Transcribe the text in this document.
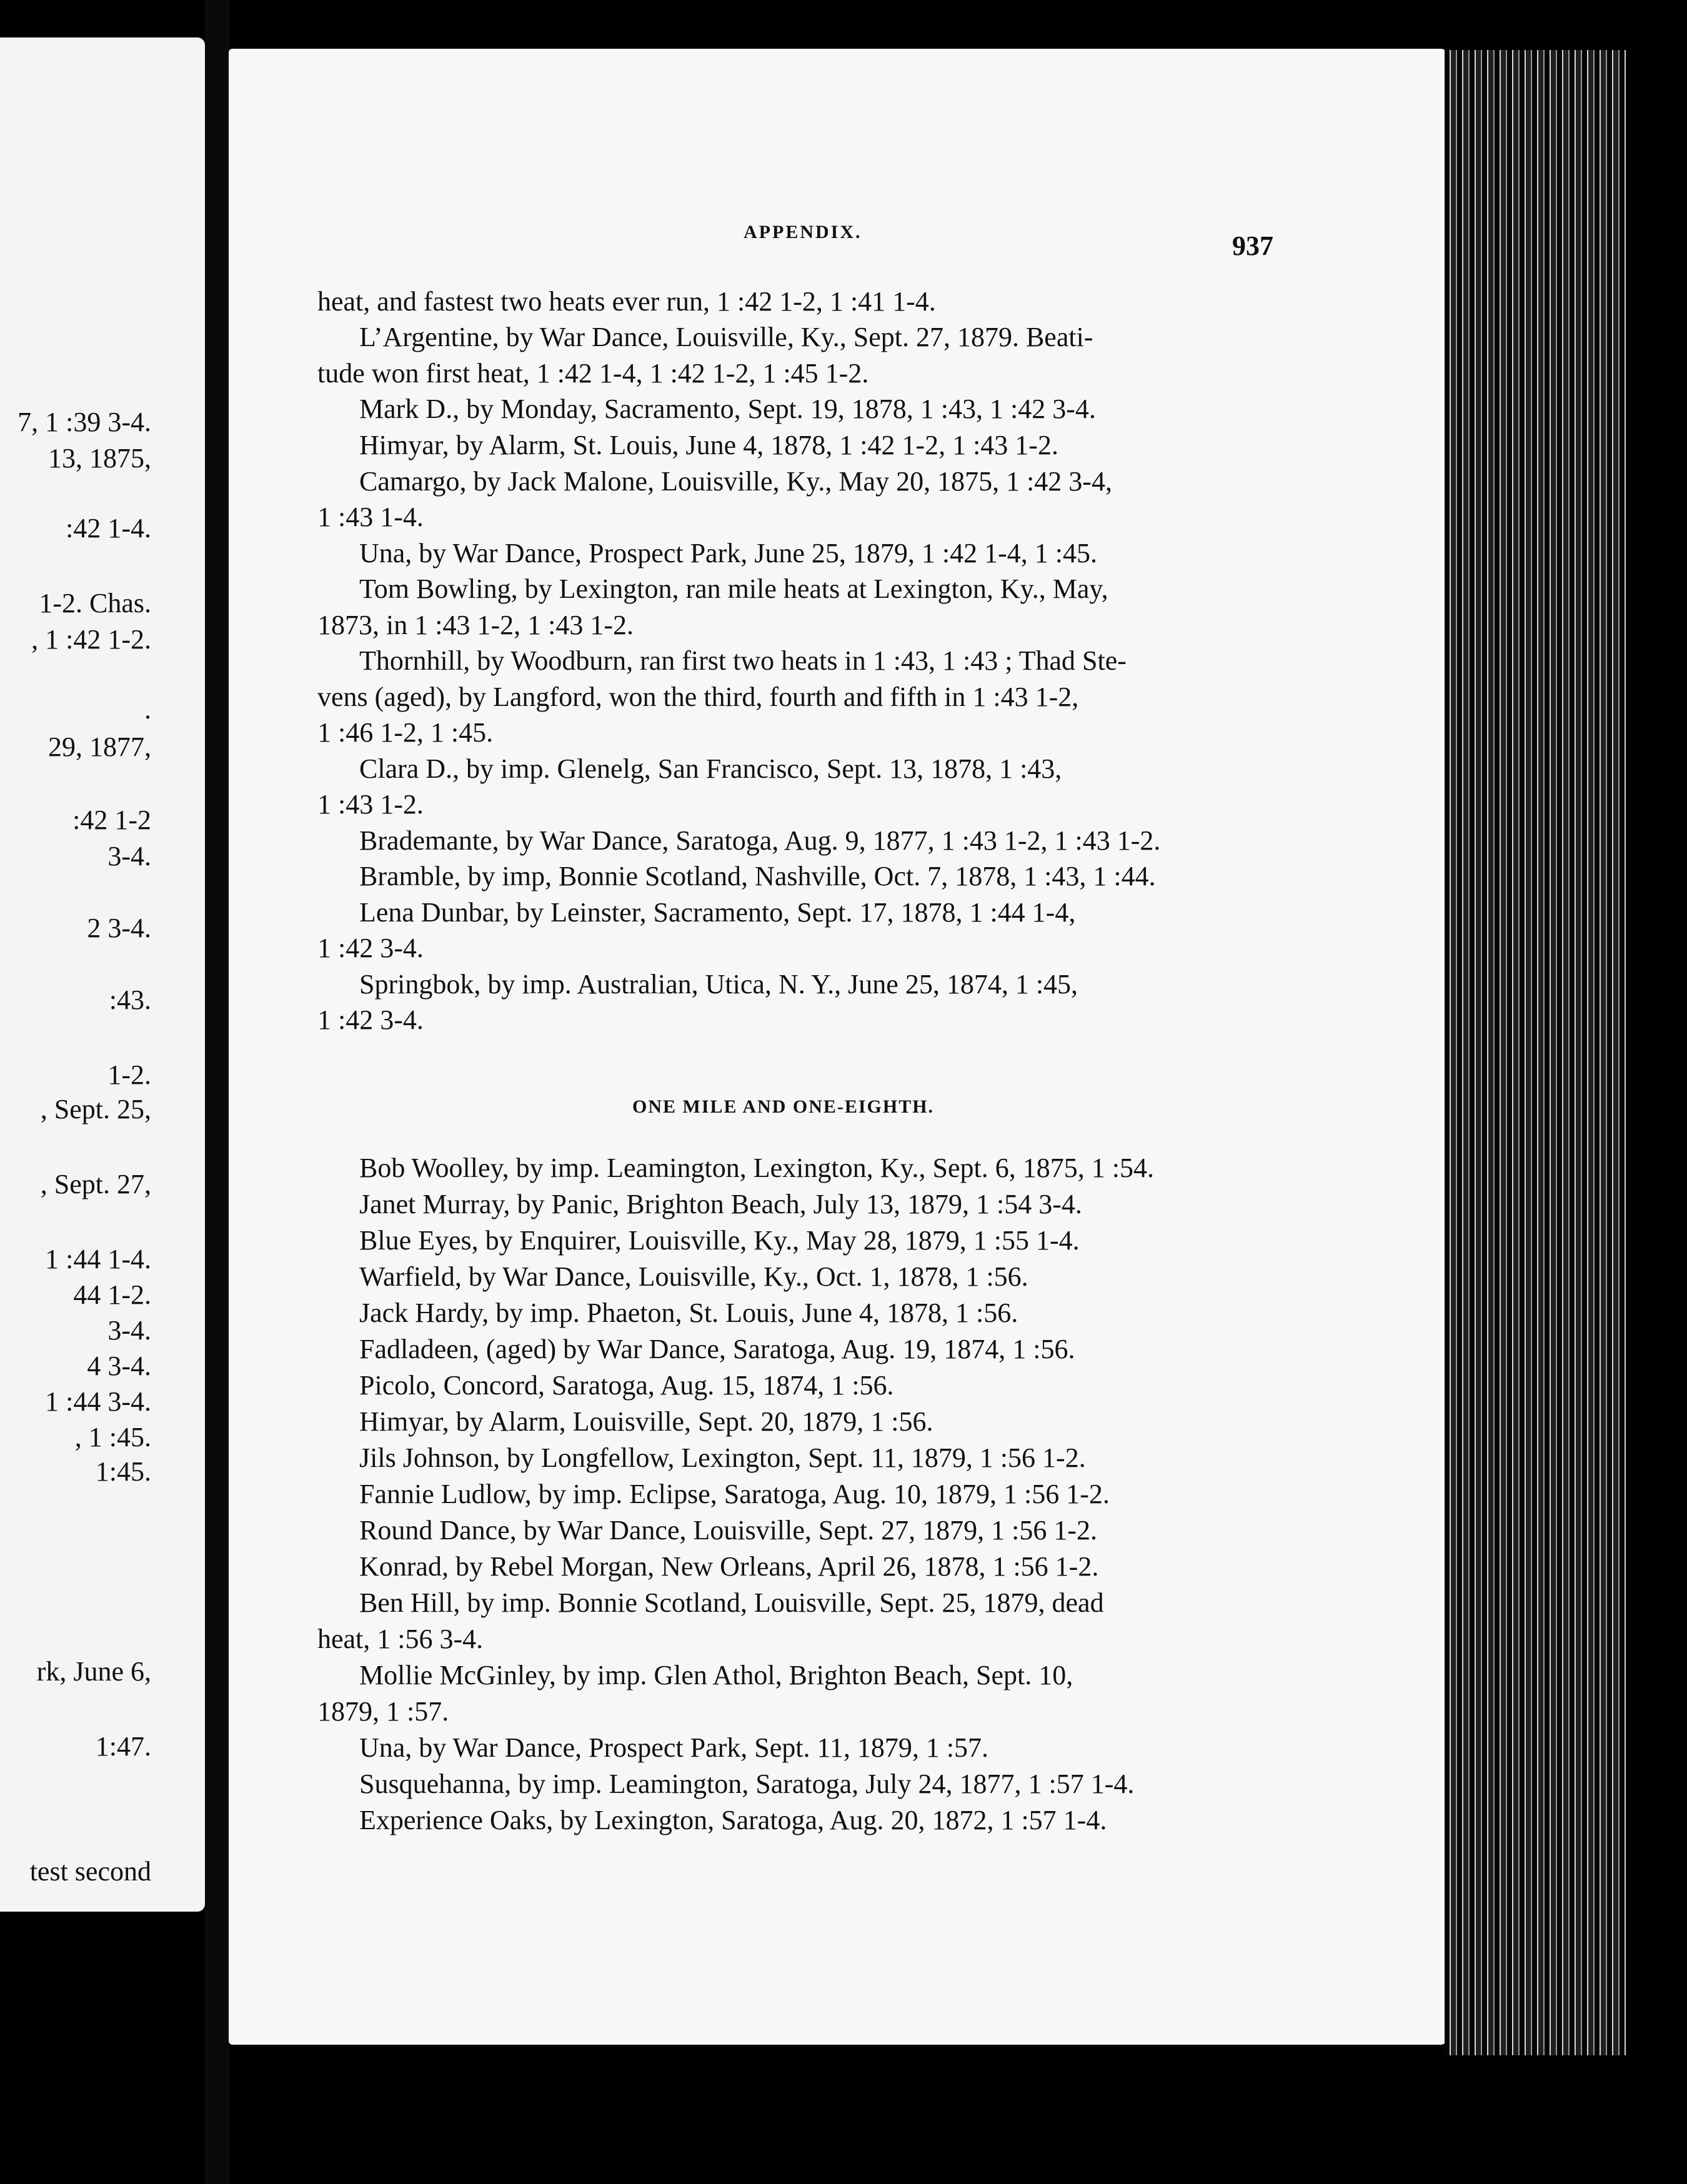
APPENDIX.	937
7, 1 :39 3-4.
13, 1875,
:42 1-4.
1-2. Chas.
, 1 :42 1-2.
.
29, 1877,
:42 1-2
3-4.
2 3-4.
:43.
1-2.
, Sept. 25,
, Sept. 27,
1 :44 1-4.
44 1-2.
3-4.
4 3-4.
1 :44 3-4.
, 1 :45.
1:45.
rk, June 6,
1:47.
test second
heat, and fastest two heats ever run, 1 :42 1-2, 1 :41 1-4.
L’Argentine, by War Dance, Louisville, Ky., Sept. 27, 1879. Beati-
tude won first heat, 1 :42 1-4, 1 :42 1-2, 1 :45 1-2.
Mark D., by Monday, Sacramento, Sept. 19, 1878, 1 :43, 1 :42 3-4.
Himyar, by Alarm, St. Louis, June 4, 1878, 1 :42 1-2, 1 :43 1-2.
Camargo, by Jack Malone, Louisville, Ky., May 20, 1875, 1 :42 3-4,
1 :43 1-4.
Una, by War Dance, Prospect Park, June 25, 1879, 1 :42 1-4, 1 :45.
Tom Bowling, by Lexington, ran mile heats at Lexington, Ky., May,
1873, in 1 :43 1-2, 1 :43 1-2.
Thornhill, by Woodburn, ran first two heats in 1 :43, 1 :43 ; Thad Ste-
vens (aged), by Langford, won the third, fourth and fifth in 1 :43 1-2,
1 :46 1-2, 1 :45.
Clara D., by imp. Glenelg, San Francisco, Sept. 13, 1878, 1 :43,
1 :43 1-2.
Brademante, by War Dance, Saratoga, Aug. 9, 1877, 1 :43 1-2, 1 :43 1-2.
Bramble, by imp, Bonnie Scotland, Nashville, Oct. 7, 1878, 1 :43, 1 :44.
Lena Dunbar, by Leinster, Sacramento, Sept. 17, 1878, 1 :44 1-4,
1 :42 3-4.
Springbok, by imp. Australian, Utica, N. Y., June 25, 1874, 1 :45,
1 :42 3-4.
ONE MILE AND ONE-EIGHTH.
Bob Woolley, by imp. Leamington, Lexington, Ky., Sept. 6, 1875, 1 :54.
Janet Murray, by Panic, Brighton Beach, July 13, 1879, 1 :54 3-4.
Blue Eyes, by Enquirer, Louisville, Ky., May 28, 1879, 1 :55 1-4.
Warfield, by War Dance, Louisville, Ky., Oct. 1, 1878, 1 :56.
Jack Hardy, by imp. Phaeton, St. Louis, June 4, 1878, 1 :56.
Fadladeen, (aged) by War Dance, Saratoga, Aug. 19, 1874, 1 :56.
Picolo, Concord, Saratoga, Aug. 15, 1874, 1 :56.
Himyar, by Alarm, Louisville, Sept. 20, 1879, 1 :56.
Jils Johnson, by Longfellow, Lexington, Sept. 11, 1879, 1 :56 1-2.
Fannie Ludlow, by imp. Eclipse, Saratoga, Aug. 10, 1879, 1 :56 1-2.
Round Dance, by War Dance, Louisville, Sept. 27, 1879, 1 :56 1-2.
Konrad, by Rebel Morgan, New Orleans, April 26, 1878, 1 :56 1-2.
Ben Hill, by imp. Bonnie Scotland, Louisville, Sept. 25, 1879, dead
heat, 1 :56 3-4.
Mollie McGinley, by imp. Glen Athol, Brighton Beach, Sept. 10,
1879, 1 :57.
Una, by War Dance, Prospect Park, Sept. 11, 1879, 1 :57.
Susquehanna, by imp. Leamington, Saratoga, July 24, 1877, 1 :57 1-4.
Experience Oaks, by Lexington, Saratoga, Aug. 20, 1872, 1 :57 1-4.
